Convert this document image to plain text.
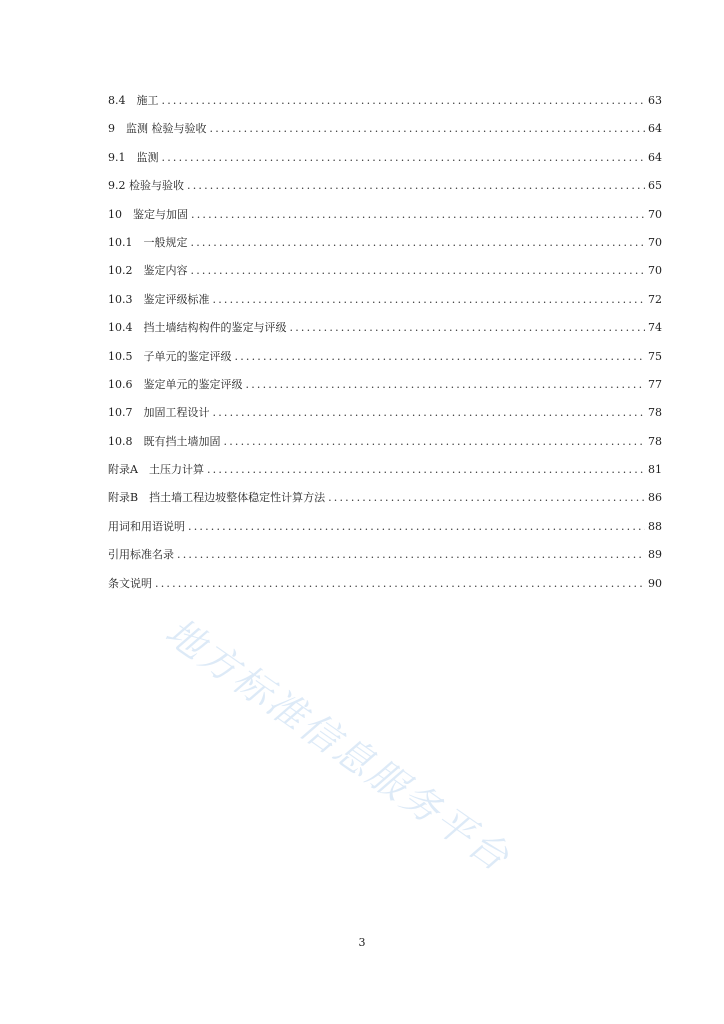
8.4　施工 .....	63
9　监测 检验与验收 .....	64
9.1　监测 .....	64
9.2 检验与验收 .....	65
10　鉴定与加固 .....	70
10.1　一般规定 .....	70
10.2　鉴定内容 .....	70
10.3　鉴定评级标准 .....	72
10.4　挡土墙结构构件的鉴定与评级 .....	74
10.5　子单元的鉴定评级 .....	75
10.6　鉴定单元的鉴定评级 .....	77
10.7　加固工程设计 .....	78
10.8　既有挡土墙加固 .....	78
附录A　土压力计算 .....	81
附录B　挡土墙工程边坡整体稳定性计算方法 .....	86
用词和用语说明 .....	88
引用标准名录 .....	89
条文说明 .....	90
地方标准信息服务平台
3
